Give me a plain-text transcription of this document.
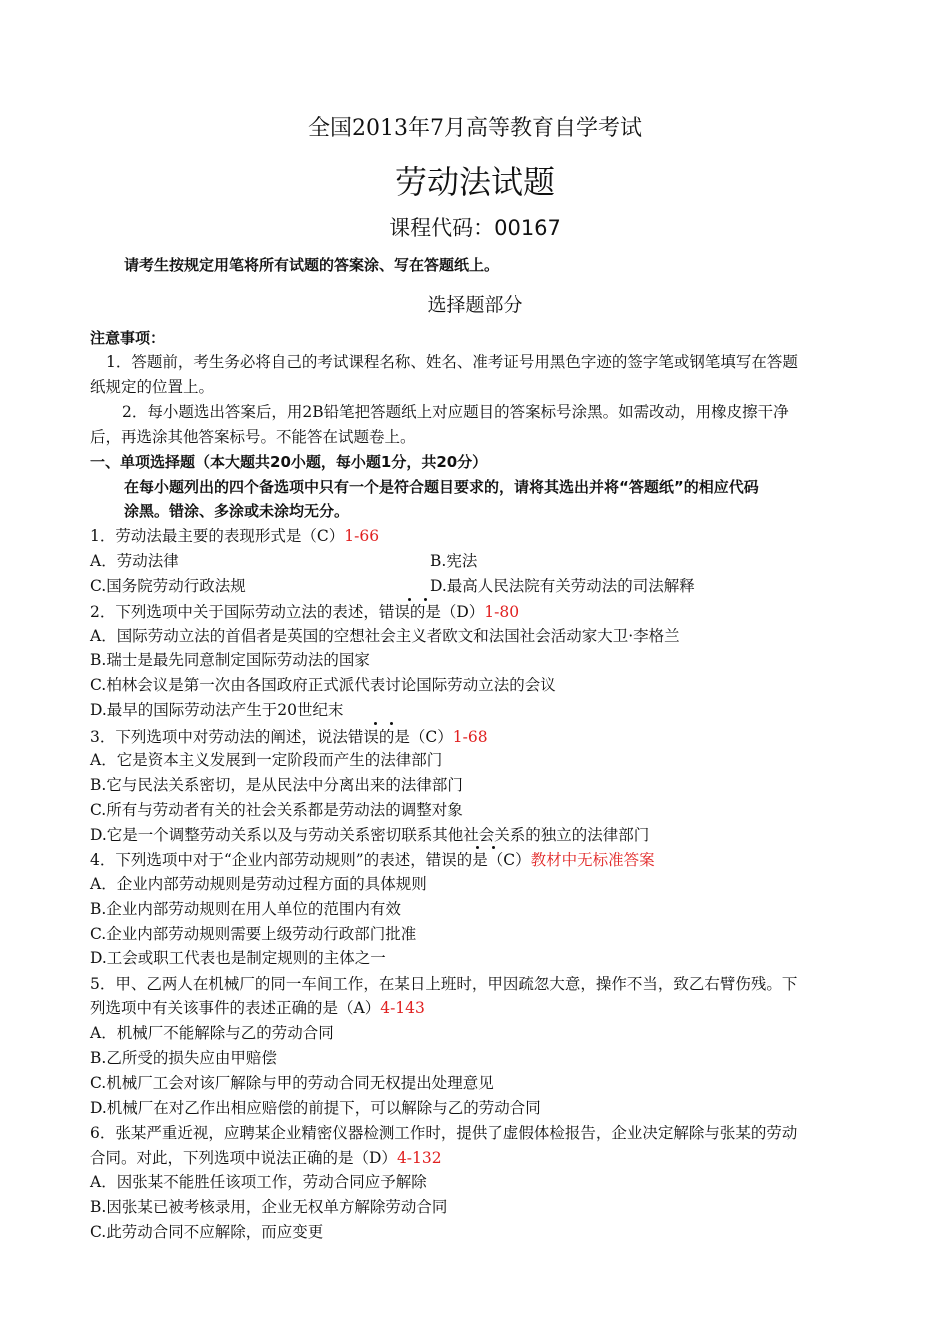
全国2013年7月高等教育自学考试
劳动法试题
课程代码：00167
请考生按规定用笔将所有试题的答案涂、写在答题纸上。
选择题部分
注意事项：
1．答题前，考生务必将自己的考试课程名称、姓名、准考证号用黑色字迹的签字笔或钢笔填写在答题
纸规定的位置上。
2．每小题选出答案后，用2B铅笔把答题纸上对应题目的答案标号涂黑。如需改动，用橡皮擦干净
后，再选涂其他答案标号。不能答在试题卷上。
一、单项选择题（本大题共20小题，每小题1分，共20分）
在每小题列出的四个备选项中只有一个是符合题目要求的，请将其选出并将“答题纸”的相应代码
涂黑。错涂、多涂或未涂均无分。
1．劳动法最主要的表现形式是（C）1-66
A．劳动法律	B.宪法
C.国务院劳动行政法规	D.最高人民法院有关劳动法的司法解释
2．下列选项中关于国际劳动立法的表述，错误的是（D）1-80
A．国际劳动立法的首倡者是英国的空想社会主义者欧文和法国社会活动家大卫·李格兰
B.瑞士是最先同意制定国际劳动法的国家
C.柏林会议是第一次由各国政府正式派代表讨论国际劳动立法的会议
D.最早的国际劳动法产生于20世纪末
3．下列选项中对劳动法的阐述，说法错误的是（C）1-68
A．它是资本主义发展到一定阶段而产生的法律部门
B.它与民法关系密切，是从民法中分离出来的法律部门
C.所有与劳动者有关的社会关系都是劳动法的调整对象
D.它是一个调整劳动关系以及与劳动关系密切联系其他社会关系的独立的法律部门
4．下列选项中对于“企业内部劳动规则”的表述，错误的是（C）教材中无标准答案
A．企业内部劳动规则是劳动过程方面的具体规则
B.企业内部劳动规则在用人单位的范围内有效
C.企业内部劳动规则需要上级劳动行政部门批准
D.工会或职工代表也是制定规则的主体之一
5．甲、乙两人在机械厂的同一车间工作，在某日上班时，甲因疏忽大意，操作不当，致乙右臂伤残。下
列选项中有关该事件的表述正确的是（A）4-143
A．机械厂不能解除与乙的劳动合同
B.乙所受的损失应由甲赔偿
C.机械厂工会对该厂解除与甲的劳动合同无权提出处理意见
D.机械厂在对乙作出相应赔偿的前提下，可以解除与乙的劳动合同
6．张某严重近视，应聘某企业精密仪器检测工作时，提供了虚假体检报告，企业决定解除与张某的劳动
合同。对此，下列选项中说法正确的是（D）4-132
A．因张某不能胜任该项工作，劳动合同应予解除
B.因张某已被考核录用，企业无权单方解除劳动合同
C.此劳动合同不应解除，而应变更
